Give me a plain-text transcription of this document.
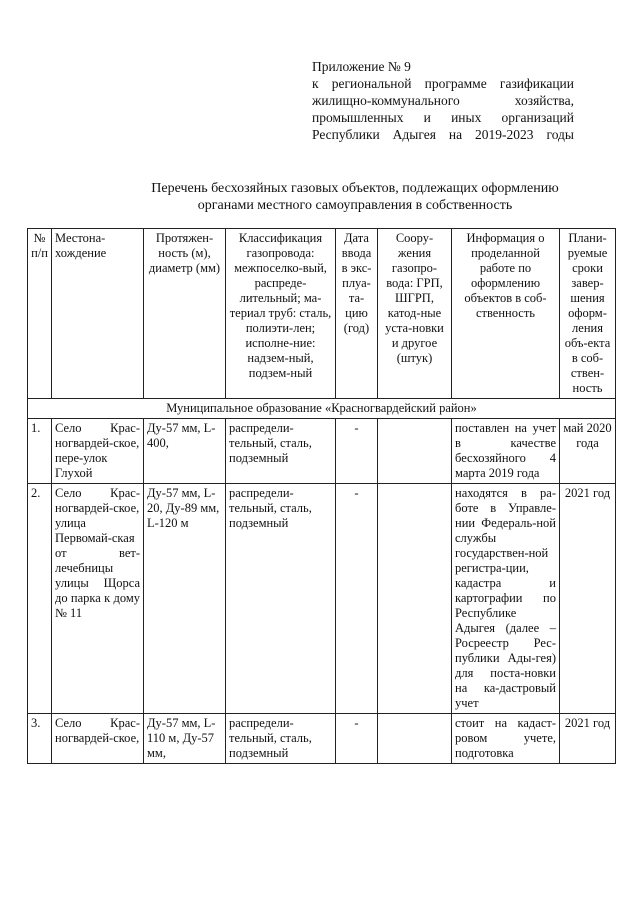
Приложение № 9
к региональной программе газификации
жилищно-коммунального хозяйства,
промышленных и иных организаций
Республики Адыгея на 2019-2023 годы
Перечень бесхозяйных газовых объектов, подлежащих оформлению
органами местного самоуправления в собственность
№ п/п	Местона-хождение	Протяжен-ность (м), диаметр (мм)	Классификация газопровода: межпоселко-вый, распреде-лительный; ма-териал труб: сталь, полиэти-лен; исполне-ние: надзем-ный, подзем-ный	Дата ввода в экс-плуа-та-цию (год)	Соору-жения газопро-вода: ГРП, ШГРП, катод-ные уста-новки и другое (штук)	Информация о проделанной работе по оформлению объектов в соб-ственность	Плани-руемые сроки завер-шения оформ-ления объ-екта в соб-ствен-ность
Муниципальное образование «Красногвардейский район»							
1.	Село Крас-ногвардей-ское, пере-улок Глухой	Ду-57 мм, L-400,	распредели-тельный, сталь, подземный	-		поставлен на учет в качестве бесхозяйного 4 марта 2019 года	май 2020 года
2.	Село Крас-ногвардей-ское, улица Первомай-ская от вет-лечебницы улицы Щорса до парка к дому № 11	Ду-57 мм, L-20, Ду-89 мм, L-120 м	распредели-тельный, сталь, подземный	-		находятся в ра-боте в Управле-нии Федераль-ной службы государствен-ной регистра-ции, кадастра и картографии по Республике Адыгея (далее – Росреестр Рес-публики Ады-гея) для поста-новки на ка-дастровый учет	2021 год
3.	Село Крас-ногвардей-ское,	Ду-57 мм, L-110 м, Ду-57 мм,	распредели-тельный, сталь, подземный	-		стоит на кадаст-ровом учете, подготовка	2021 год
